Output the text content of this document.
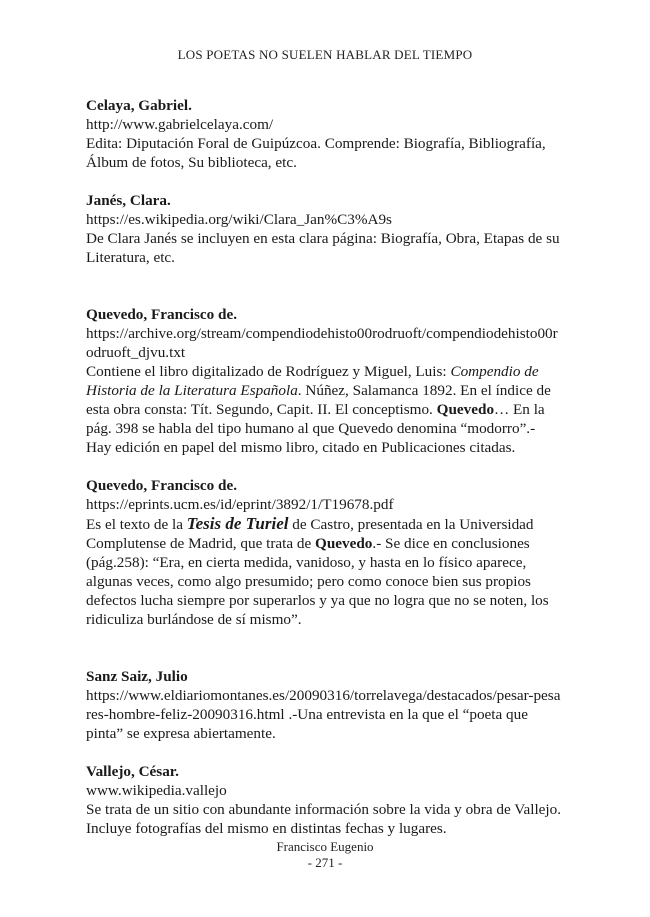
LOS POETAS NO SUELEN HABLAR DEL TIEMPO

Celaya, Gabriel.

http://www.gabrielcelaya.com/

Edita: Diputación Foral de Guipúzcoa. Comprende: Biografía, Bibliografía, Álbum de fotos, Su biblioteca, etc.

Janés, Clara.

https://es.wikipedia.org/wiki/Clara_Jan%C3%A9s

De Clara Janés se incluyen en esta clara página: Biografía, Obra, Etapas de su Literatura, etc.

Quevedo, Francisco de.

https://archive.org/stream/compendiodehisto00rodruoft/compendiodehisto00rodruoft_djvu.txt

Contiene el libro digitalizado de Rodríguez y Miguel, Luis: Compendio de Historia de la Literatura Española. Núñez, Salamanca 1892. En el índice de esta obra consta: Tít. Segundo, Capit. II. El conceptismo. Quevedo… En la pág. 398 se habla del tipo humano al que Quevedo denomina “modorro”.- Hay edición en papel del mismo libro, citado en Publicaciones citadas.

Quevedo, Francisco de.

https://eprints.ucm.es/id/eprint/3892/1/T19678.pdf

Es el texto de la Tesis de Turiel de Castro, presentada en la Universidad Complutense de Madrid, que trata de Quevedo.- Se dice en conclusiones (pág.258): “Era, en cierta medida, vanidoso, y hasta en lo físico aparece, algunas veces, como algo presumido; pero como conoce bien sus propios defectos lucha siempre por superarlos y ya que no logra que no se noten, los ridiculiza burlándose de sí mismo”.

Sanz Saiz, Julio

https://www.eldiariomontanes.es/20090316/torrelavega/destacados/pesar-pesares-hombre-feliz-20090316.html .-Una entrevista en la que el “poeta que pinta” se expresa abiertamente.

Vallejo, César.

www.wikipedia.vallejo

Se trata de un sitio con abundante información sobre la vida y obra de Vallejo. Incluye fotografías del mismo en distintas fechas y lugares.

Francisco Eugenio
- 271 -
